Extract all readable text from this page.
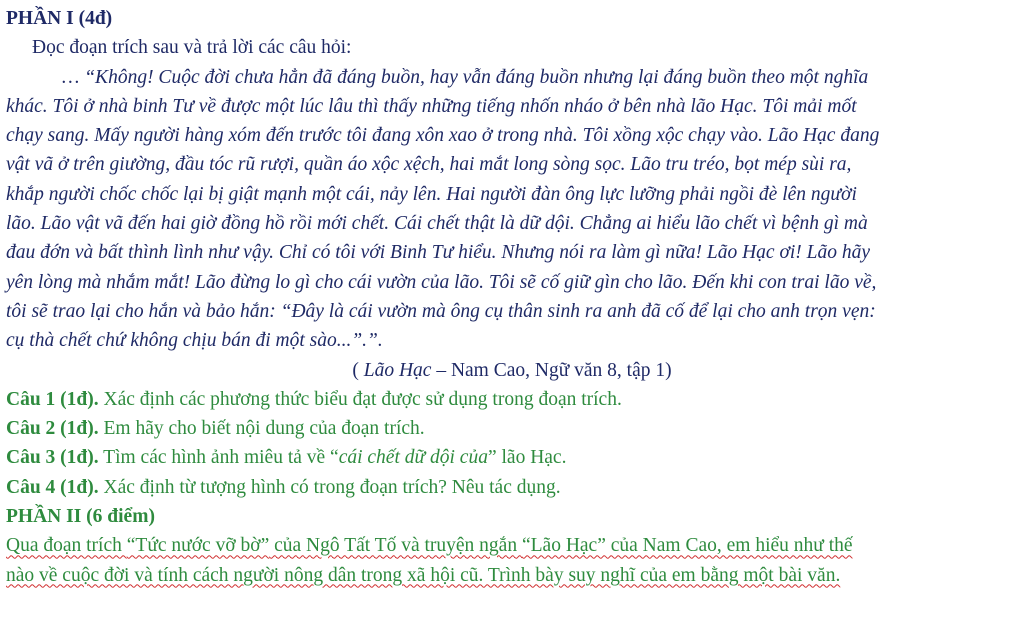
PHẦN I (4đ)
Đọc đoạn trích sau và trả lời các câu hỏi:
… “Không! Cuộc đời chưa hẳn đã đáng buồn, hay vẫn đáng buồn nhưng lại đáng buồn theo một nghĩa
khác. Tôi ở nhà binh Tư về được một lúc lâu thì thấy những tiếng nhốn nháo ở bên nhà lão Hạc. Tôi mải mốt
chạy sang. Mấy người hàng xóm đến trước tôi đang xôn xao ở trong nhà. Tôi xồng xộc chạy vào. Lão Hạc đang
vật vã ở trên giường, đầu tóc rũ rượi, quần áo xộc xệch, hai mắt long sòng sọc. Lão tru tréo, bọt mép sùi ra,
khắp người chốc chốc lại bị giật mạnh một cái, nảy lên. Hai người đàn ông lực lưỡng phải ngồi đè lên người
lão. Lão vật vã đến hai giờ đồng hồ rồi mới chết. Cái chết thật là dữ dội. Chẳng ai hiểu lão chết vì bệnh gì mà
đau đớn và bất thình lình như vậy. Chỉ có tôi với Binh Tư hiểu. Nhưng nói ra làm gì nữa! Lão Hạc ơi! Lão hãy
yên lòng mà nhắm mắt! Lão đừng lo gì cho cái vườn của lão. Tôi sẽ cố giữ gìn cho lão. Đến khi con trai lão về,
tôi sẽ trao lại cho hắn và bảo hắn: “Đây là cái vườn mà ông cụ thân sinh ra anh đã cố để lại cho anh trọn vẹn:
cụ thà chết chứ không chịu bán đi một sào...”.”.
( Lão Hạc – Nam Cao, Ngữ văn 8, tập 1)
Câu 1 (1đ). Xác định các phương thức biểu đạt được sử dụng trong đoạn trích.
Câu 2 (1đ). Em hãy cho biết nội dung của đoạn trích.
Câu 3 (1đ). Tìm các hình ảnh miêu tả về “cái chết dữ dội của” lão Hạc.
Câu 4 (1đ). Xác định từ tượng hình có trong đoạn trích? Nêu tác dụng.
PHẦN II (6 điểm)
Qua đoạn trích “Tức nước vỡ bờ” của Ngô Tất Tố và truyện ngắn “Lão Hạc” của Nam Cao, em hiểu như thế
nào về cuộc đời và tính cách người nông dân trong xã hội cũ. Trình bày suy nghĩ của em bằng một bài văn.
